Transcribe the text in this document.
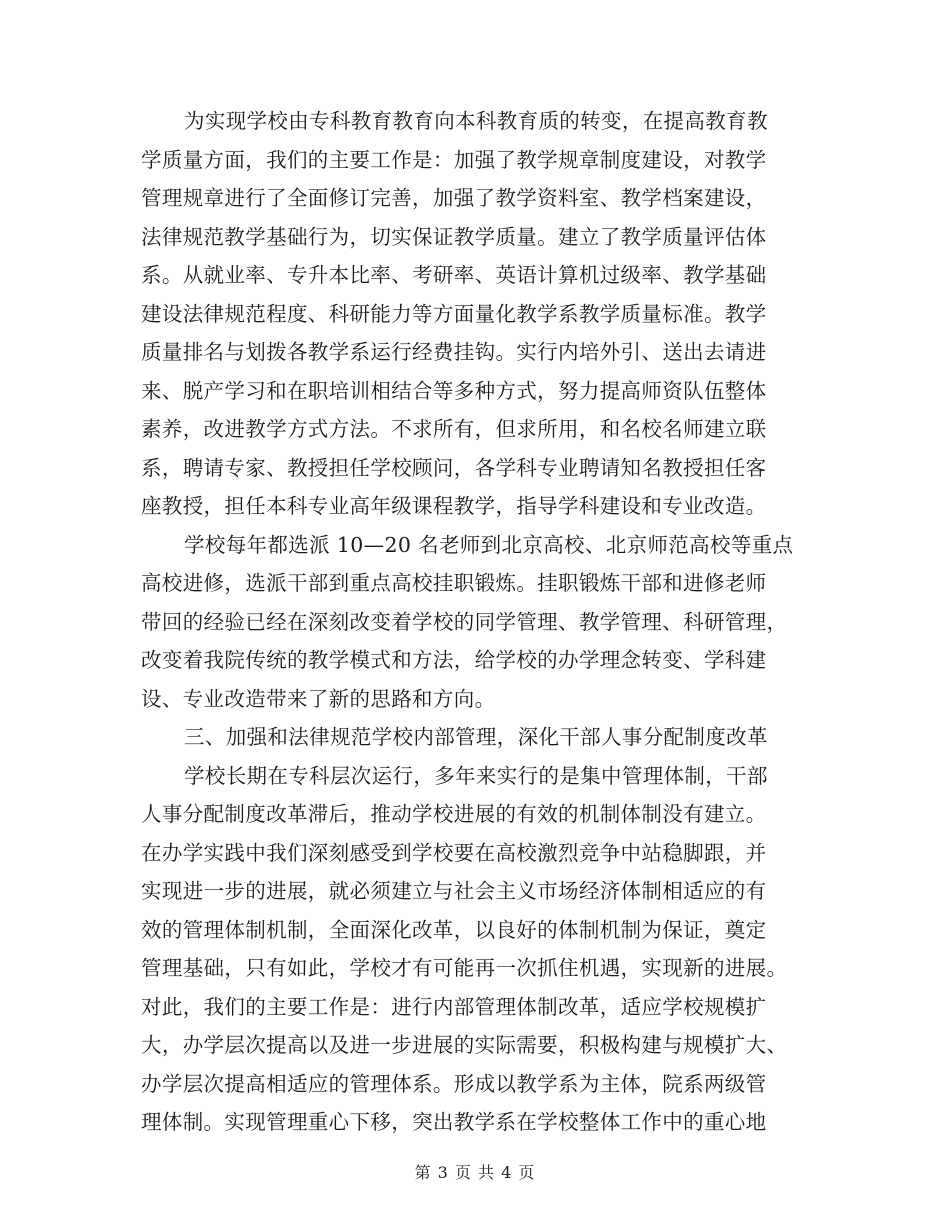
为实现学校由专科教育教育向本科教育质的转变，在提高教育教
学质量方面，我们的主要工作是：加强了教学规章制度建设，对教学
管理规章进行了全面修订完善，加强了教学资料室、教学档案建设，
法律规范教学基础行为，切实保证教学质量。建立了教学质量评估体
系。从就业率、专升本比率、考研率、英语计算机过级率、教学基础
建设法律规范程度、科研能力等方面量化教学系教学质量标准。教学
质量排名与划拨各教学系运行经费挂钩。实行内培外引、送出去请进
来、脱产学习和在职培训相结合等多种方式，努力提高师资队伍整体
素养，改进教学方式方法。不求所有，但求所用，和名校名师建立联
系，聘请专家、教授担任学校顾问，各学科专业聘请知名教授担任客
座教授，担任本科专业高年级课程教学，指导学科建设和专业改造。
学校每年都选派 10—20 名老师到北京高校、北京师范高校等重点
高校进修，选派干部到重点高校挂职锻炼。挂职锻炼干部和进修老师
带回的经验已经在深刻改变着学校的同学管理、教学管理、科研管理，
改变着我院传统的教学模式和方法，给学校的办学理念转变、学科建
设、专业改造带来了新的思路和方向。
三、加强和法律规范学校内部管理，深化干部人事分配制度改革
学校长期在专科层次运行，多年来实行的是集中管理体制，干部
人事分配制度改革滞后，推动学校进展的有效的机制体制没有建立。
在办学实践中我们深刻感受到学校要在高校激烈竞争中站稳脚跟，并
实现进一步的进展，就必须建立与社会主义市场经济体制相适应的有
效的管理体制机制，全面深化改革，以良好的体制机制为保证，奠定
管理基础，只有如此，学校才有可能再一次抓住机遇，实现新的进展。
对此，我们的主要工作是：进行内部管理体制改革，适应学校规模扩
大，办学层次提高以及进一步进展的实际需要，积极构建与规模扩大、
办学层次提高相适应的管理体系。形成以教学系为主体，院系两级管
理体制。实现管理重心下移，突出教学系在学校整体工作中的重心地
第 3 页 共 4 页
